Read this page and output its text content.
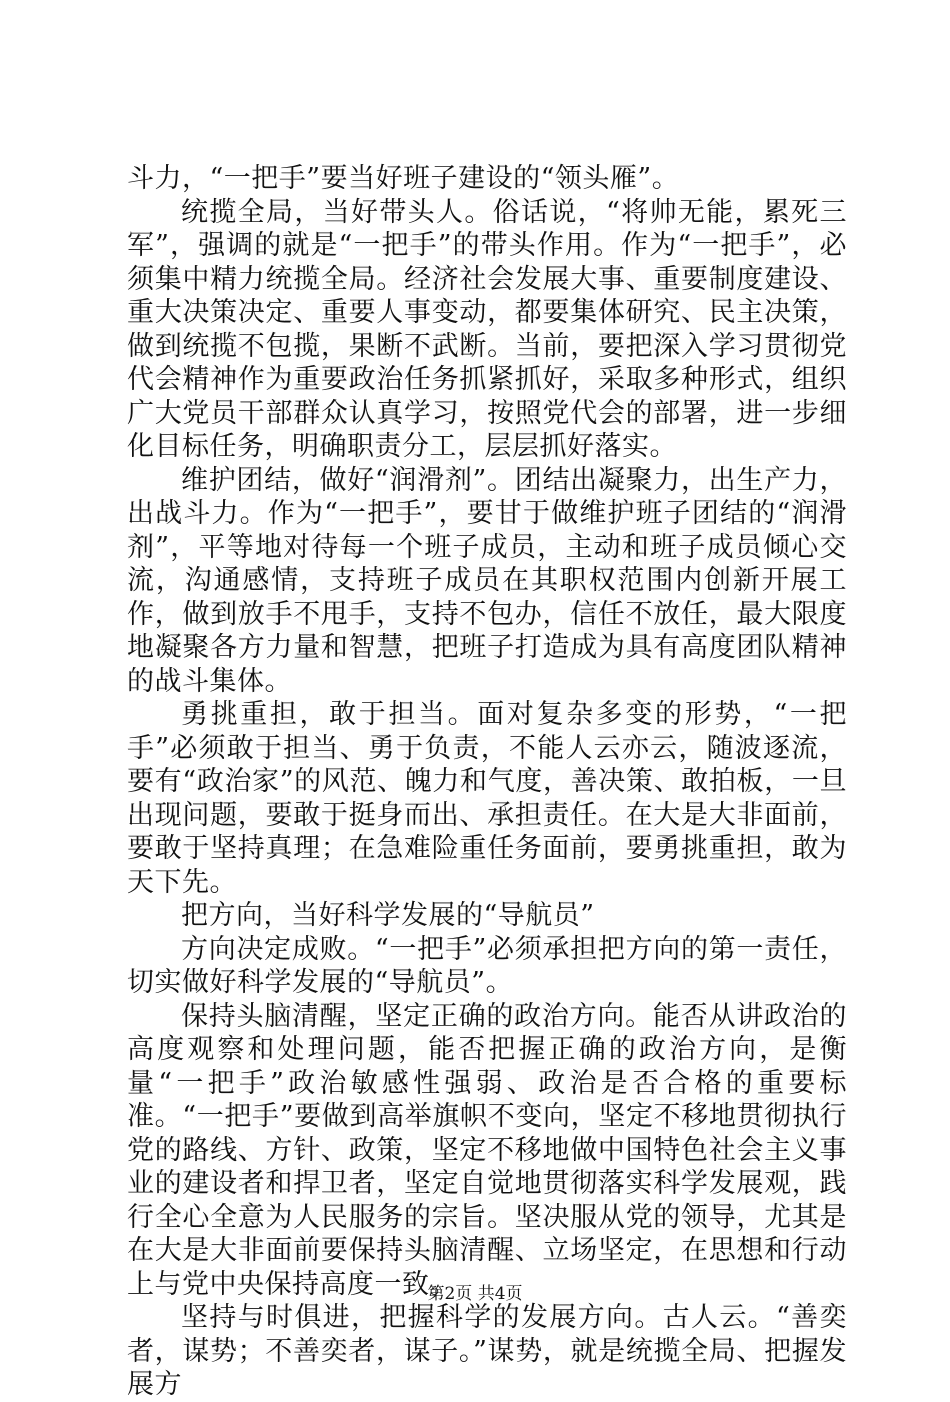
斗力，“一把手”要当好班子建设的“领头雁”。

统揽全局，当好带头人。俗话说，“将帅无能，累死三军”，强调的就是“一把手”的带头作用。作为“一把手”，必须集中精力统揽全局。经济社会发展大事、重要制度建设、重大决策决定、重要人事变动，都要集体研究、民主决策，做到统揽不包揽，果断不武断。当前，要把深入学习贯彻党代会精神作为重要政治任务抓紧抓好，采取多种形式，组织广大党员干部群众认真学习，按照党代会的部署，进一步细化目标任务，明确职责分工，层层抓好落实。

维护团结，做好“润滑剂”。团结出凝聚力，出生产力，出战斗力。作为“一把手”，要甘于做维护班子团结的“润滑剂”，平等地对待每一个班子成员，主动和班子成员倾心交流，沟通感情，支持班子成员在其职权范围内创新开展工作，做到放手不甩手，支持不包办，信任不放任，最大限度地凝聚各方力量和智慧，把班子打造成为具有高度团队精神的战斗集体。

勇挑重担，敢于担当。面对复杂多变的形势，“一把手”必须敢于担当、勇于负责，不能人云亦云，随波逐流，要有“政治家”的风范、魄力和气度，善决策、敢拍板，一旦出现问题，要敢于挺身而出、承担责任。在大是大非面前，要敢于坚持真理；在急难险重任务面前，要勇挑重担，敢为天下先。

把方向，当好科学发展的“导航员”

方向决定成败。“一把手”必须承担把方向的第一责任，切实做好科学发展的“导航员”。

保持头脑清醒，坚定正确的政治方向。能否从讲政治的高度观察和处理问题，能否把握正确的政治方向，是衡量“一把手”政治敏感性强弱、政治是否合格的重要标准。“一把手”要做到高举旗帜不变向，坚定不移地贯彻执行党的路线、方针、政策，坚定不移地做中国特色社会主义事业的建设者和捍卫者，坚定自觉地贯彻落实科学发展观，践行全心全意为人民服务的宗旨。坚决服从党的领导，尤其是在大是大非面前要保持头脑清醒、立场坚定，在思想和行动上与党中央保持高度一致。

坚持与时俱进，把握科学的发展方向。古人云。“善奕者，谋势；不善奕者，谋子。”谋势，就是统揽全局、把握发展方

第2页 共4页
